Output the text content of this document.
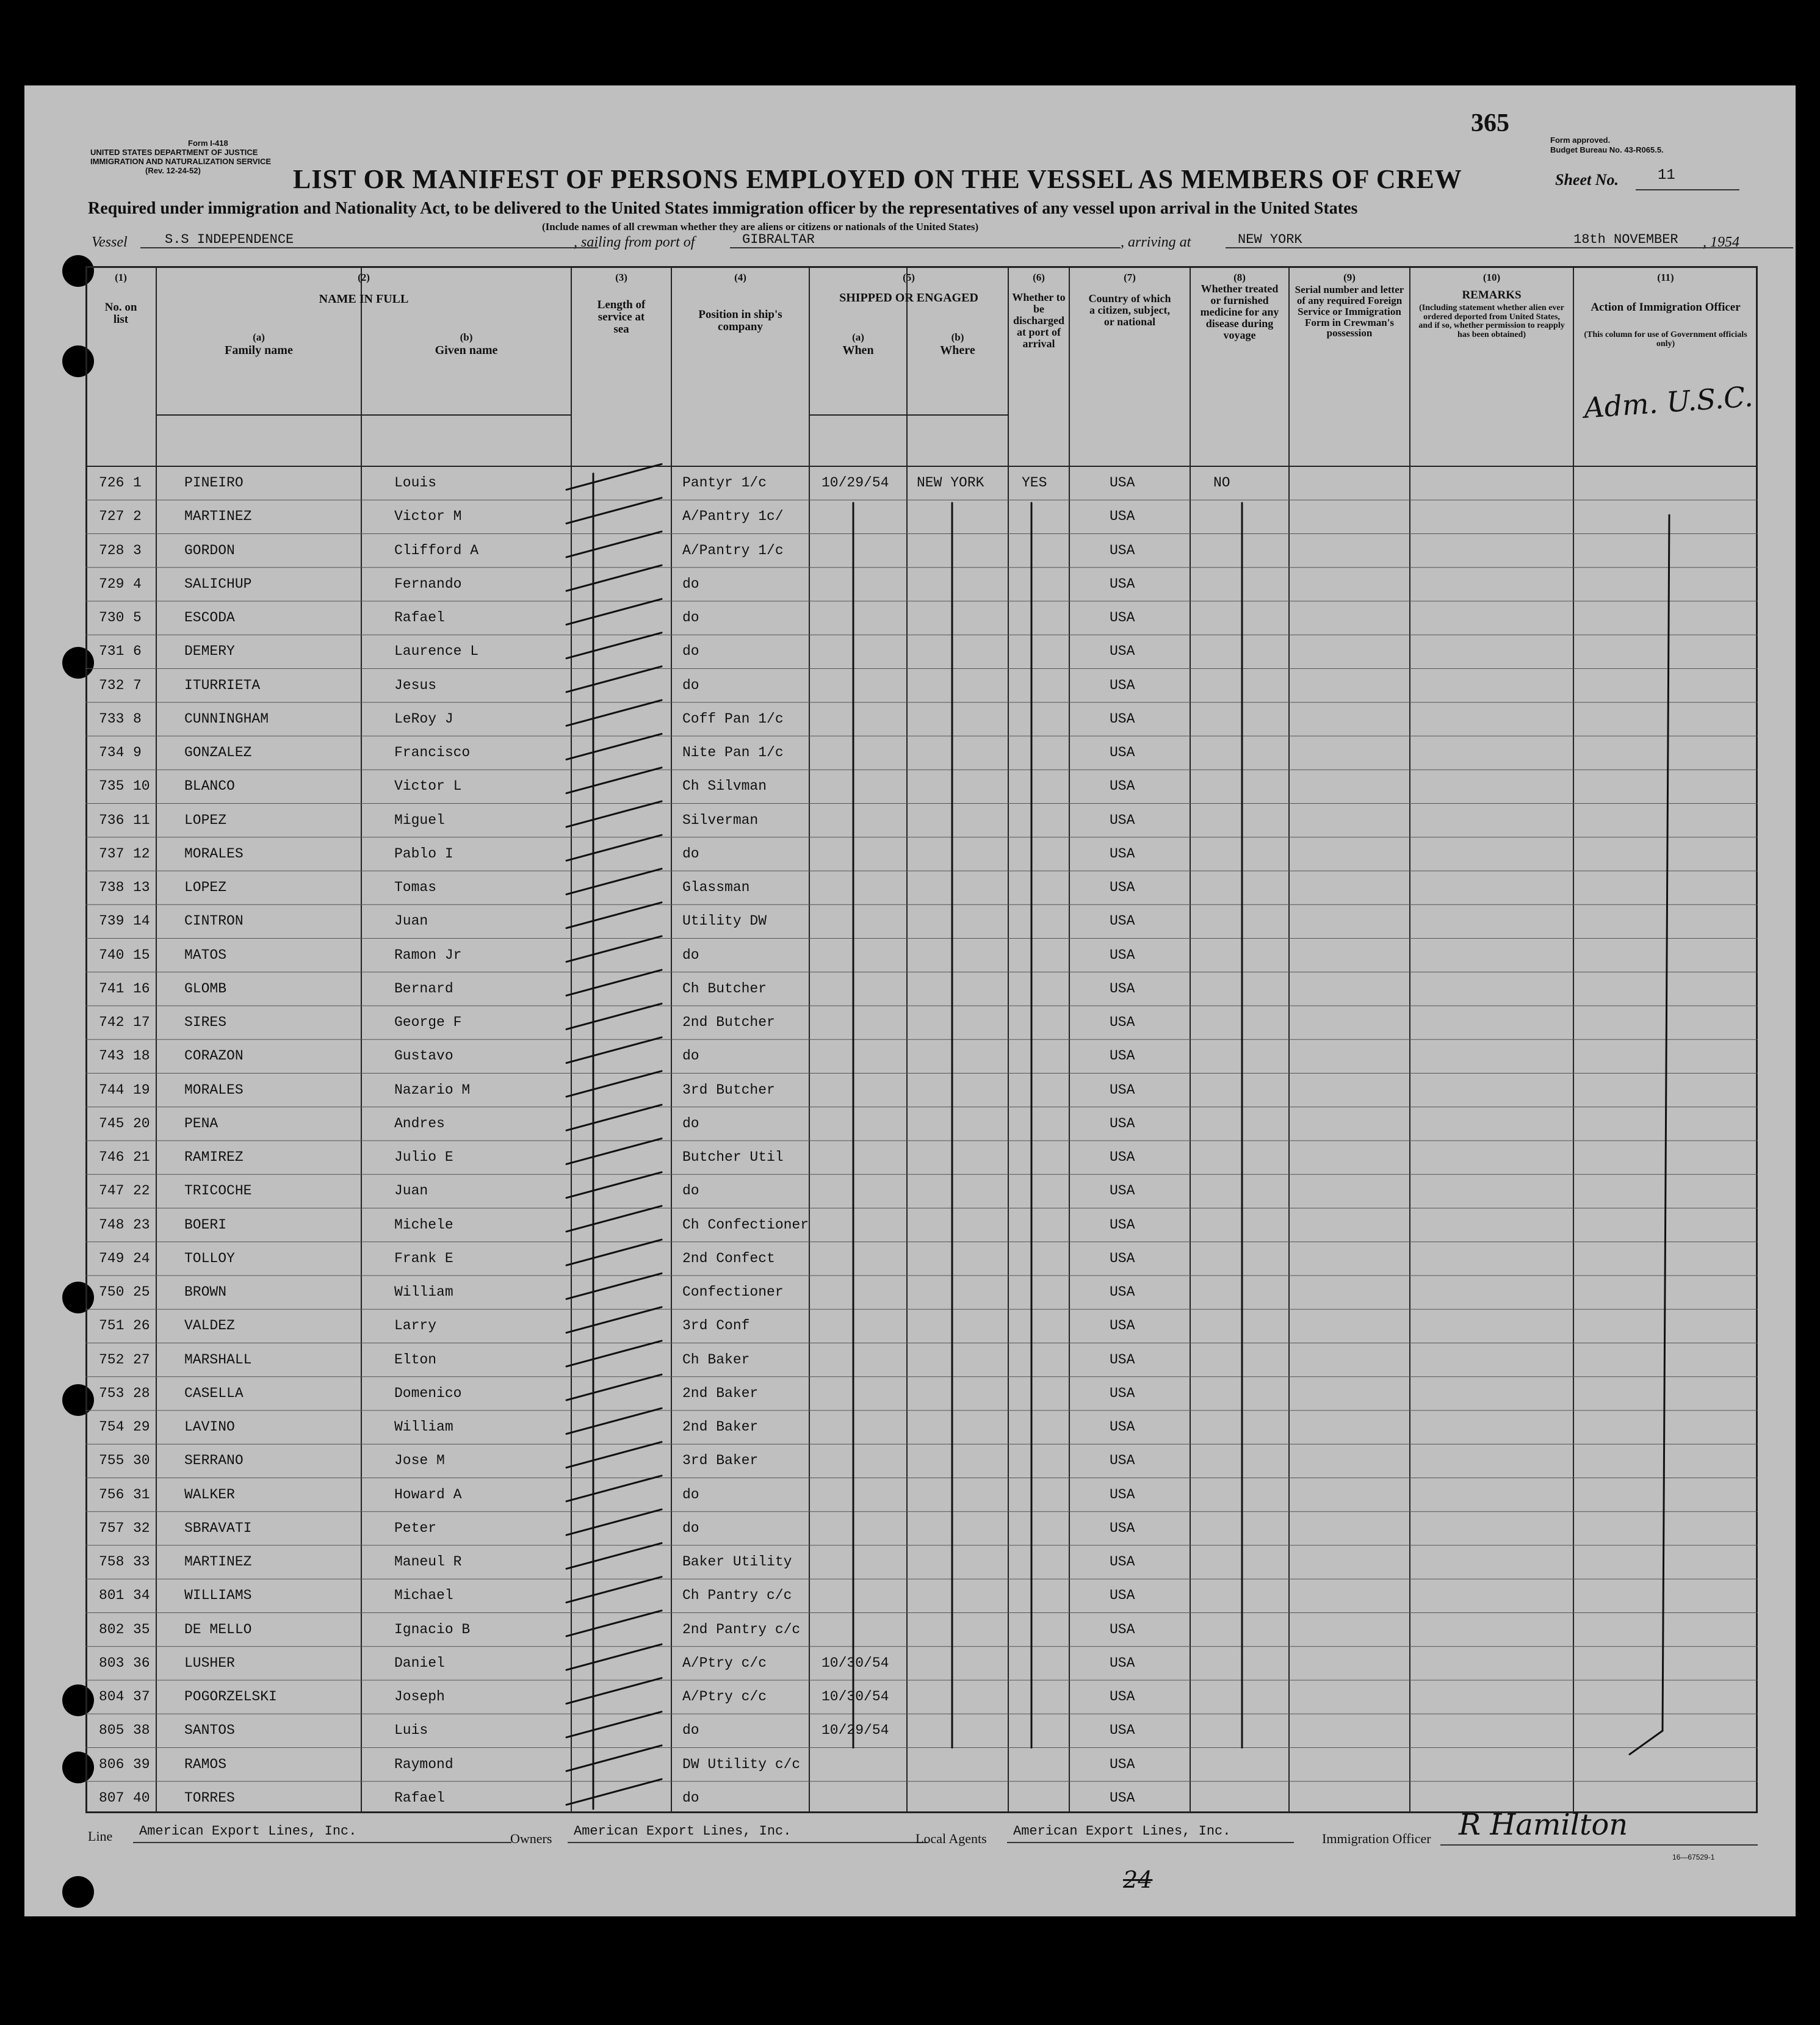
Form I-418
UNITED STATES DEPARTMENT OF JUSTICE
IMMIGRATION AND NATURALIZATION SERVICE
(Rev. 12-24-52)
365
Form approved.
Budget Bureau No. 43-R065.5.
LIST OR MANIFEST OF PERSONS EMPLOYED ON THE VESSEL AS MEMBERS OF CREW	Sheet No.	11
Required under immigration and Nationality Act, to be delivered to the United States immigration officer by the representatives of any vessel upon arrival in the United States
(Include names of all crewman whether they are aliens or citizens or nationals of the United States)
Vessel	S.S INDEPENDENCE	, sailing from port of	GIBRALTAR	, arriving at	NEW YORK	18th NOVEMBER	, 1954
(1)
No. on list
(2)
NAME IN FULL
(a)
Family name
(b)
Given name
(3)
Length of service at sea
(4)
Position in ship's company
(5)
SHIPPED OR ENGAGED
(a)
When
(b)
Where
(6)
Whether to be discharged at port of arrival
(7)
Country of which a citizen, subject, or national
(8)
Whether treated or furnished medicine for any disease during voyage
(9)
Serial number and letter of any required Foreign Service or Immigration Form in Crewman's possession
(10)
REMARKS
(Including statement whether alien ever ordered deported from United States, and if so, whether permission to reapply has been obtained)
(11)
Action of Immigration Officer
(This column for use of Government officials only)
726 1	PINEIRO	Louis	Pantyr 1/c	10/29/54 NEW YORK	YES	USA	NO
727 2	MARTINEZ	Victor M	A/Pantry 1c/	USA
728 3	GORDON	Clifford A	A/Pantry 1/c	USA
729 4	SALICHUP	Fernando	do	USA
730 5	ESCODA	Rafael	do	USA
731 6	DEMERY	Laurence L	do	USA
732 7	ITURRIETA	Jesus	do	USA
733 8	CUNNINGHAM	LeRoy J	Coff Pan 1/c	USA
734 9	GONZALEZ	Francisco	Nite Pan 1/c	USA
735 10 BLANCO	Victor L	Ch Silvman	USA
736 11 LOPEZ	Miguel	Silverman	USA
737 12 MORALES	Pablo I	do	USA
738 13 LOPEZ	Tomas	Glassman	USA
739 14 CINTRON	Juan	Utility DW	USA
740 15 MATOS	Ramon Jr	do	USA
741 16 GLOMB	Bernard	Ch Butcher	USA
742 17 SIRES	George F	2nd Butcher	USA
743 18 CORAZON	Gustavo	do	USA
744 19 MORALES	Nazario M	3rd Butcher	USA
745 20 PENA	Andres	do	USA
746 21 RAMIREZ	Julio E	Butcher Util	USA
747 22 TRICOCHE	Juan	do	USA
748 23 BOERI	Michele	Ch Confectioner	USA
749 24 TOLLOY	Frank E	2nd Confect	USA
750 25 BROWN	William	Confectioner	USA
751 26 VALDEZ	Larry	3rd Conf	USA
752 27 MARSHALL	Elton	Ch Baker	USA
753 28 CASELLA	Domenico	2nd Baker	USA
754 29 LAVINO	William	2nd Baker	USA
755 30 SERRANO	Jose M	3rd Baker	USA
756 31 WALKER	Howard A	do	USA
757 32 SBRAVATI	Peter	do	USA
758 33 MARTINEZ	Maneul R	Baker Utility	USA
801 34 WILLIAMS	Michael	Ch Pantry c/c	USA
802 35 DE MELLO	Ignacio B	2nd Pantry c/c	USA
803 36 LUSHER	Daniel	A/Ptry c/c	10/30/54	USA
804 37 POGORZELSKI	Joseph	A/Ptry c/c	10/30/54	USA
805 38 SANTOS	Luis	do	10/29/54	USA
806 39 RAMOS	Raymond	DW Utility c/c	USA
807 40 TORRES	Rafael	do	USA
Adm. U.S.C.
Line	American Export Lines, Inc.	Owners	American Export Lines, Inc.	Local Agents	American Export Lines, Inc.	Immigration Officer R Hamilton
16—67529-1
24
